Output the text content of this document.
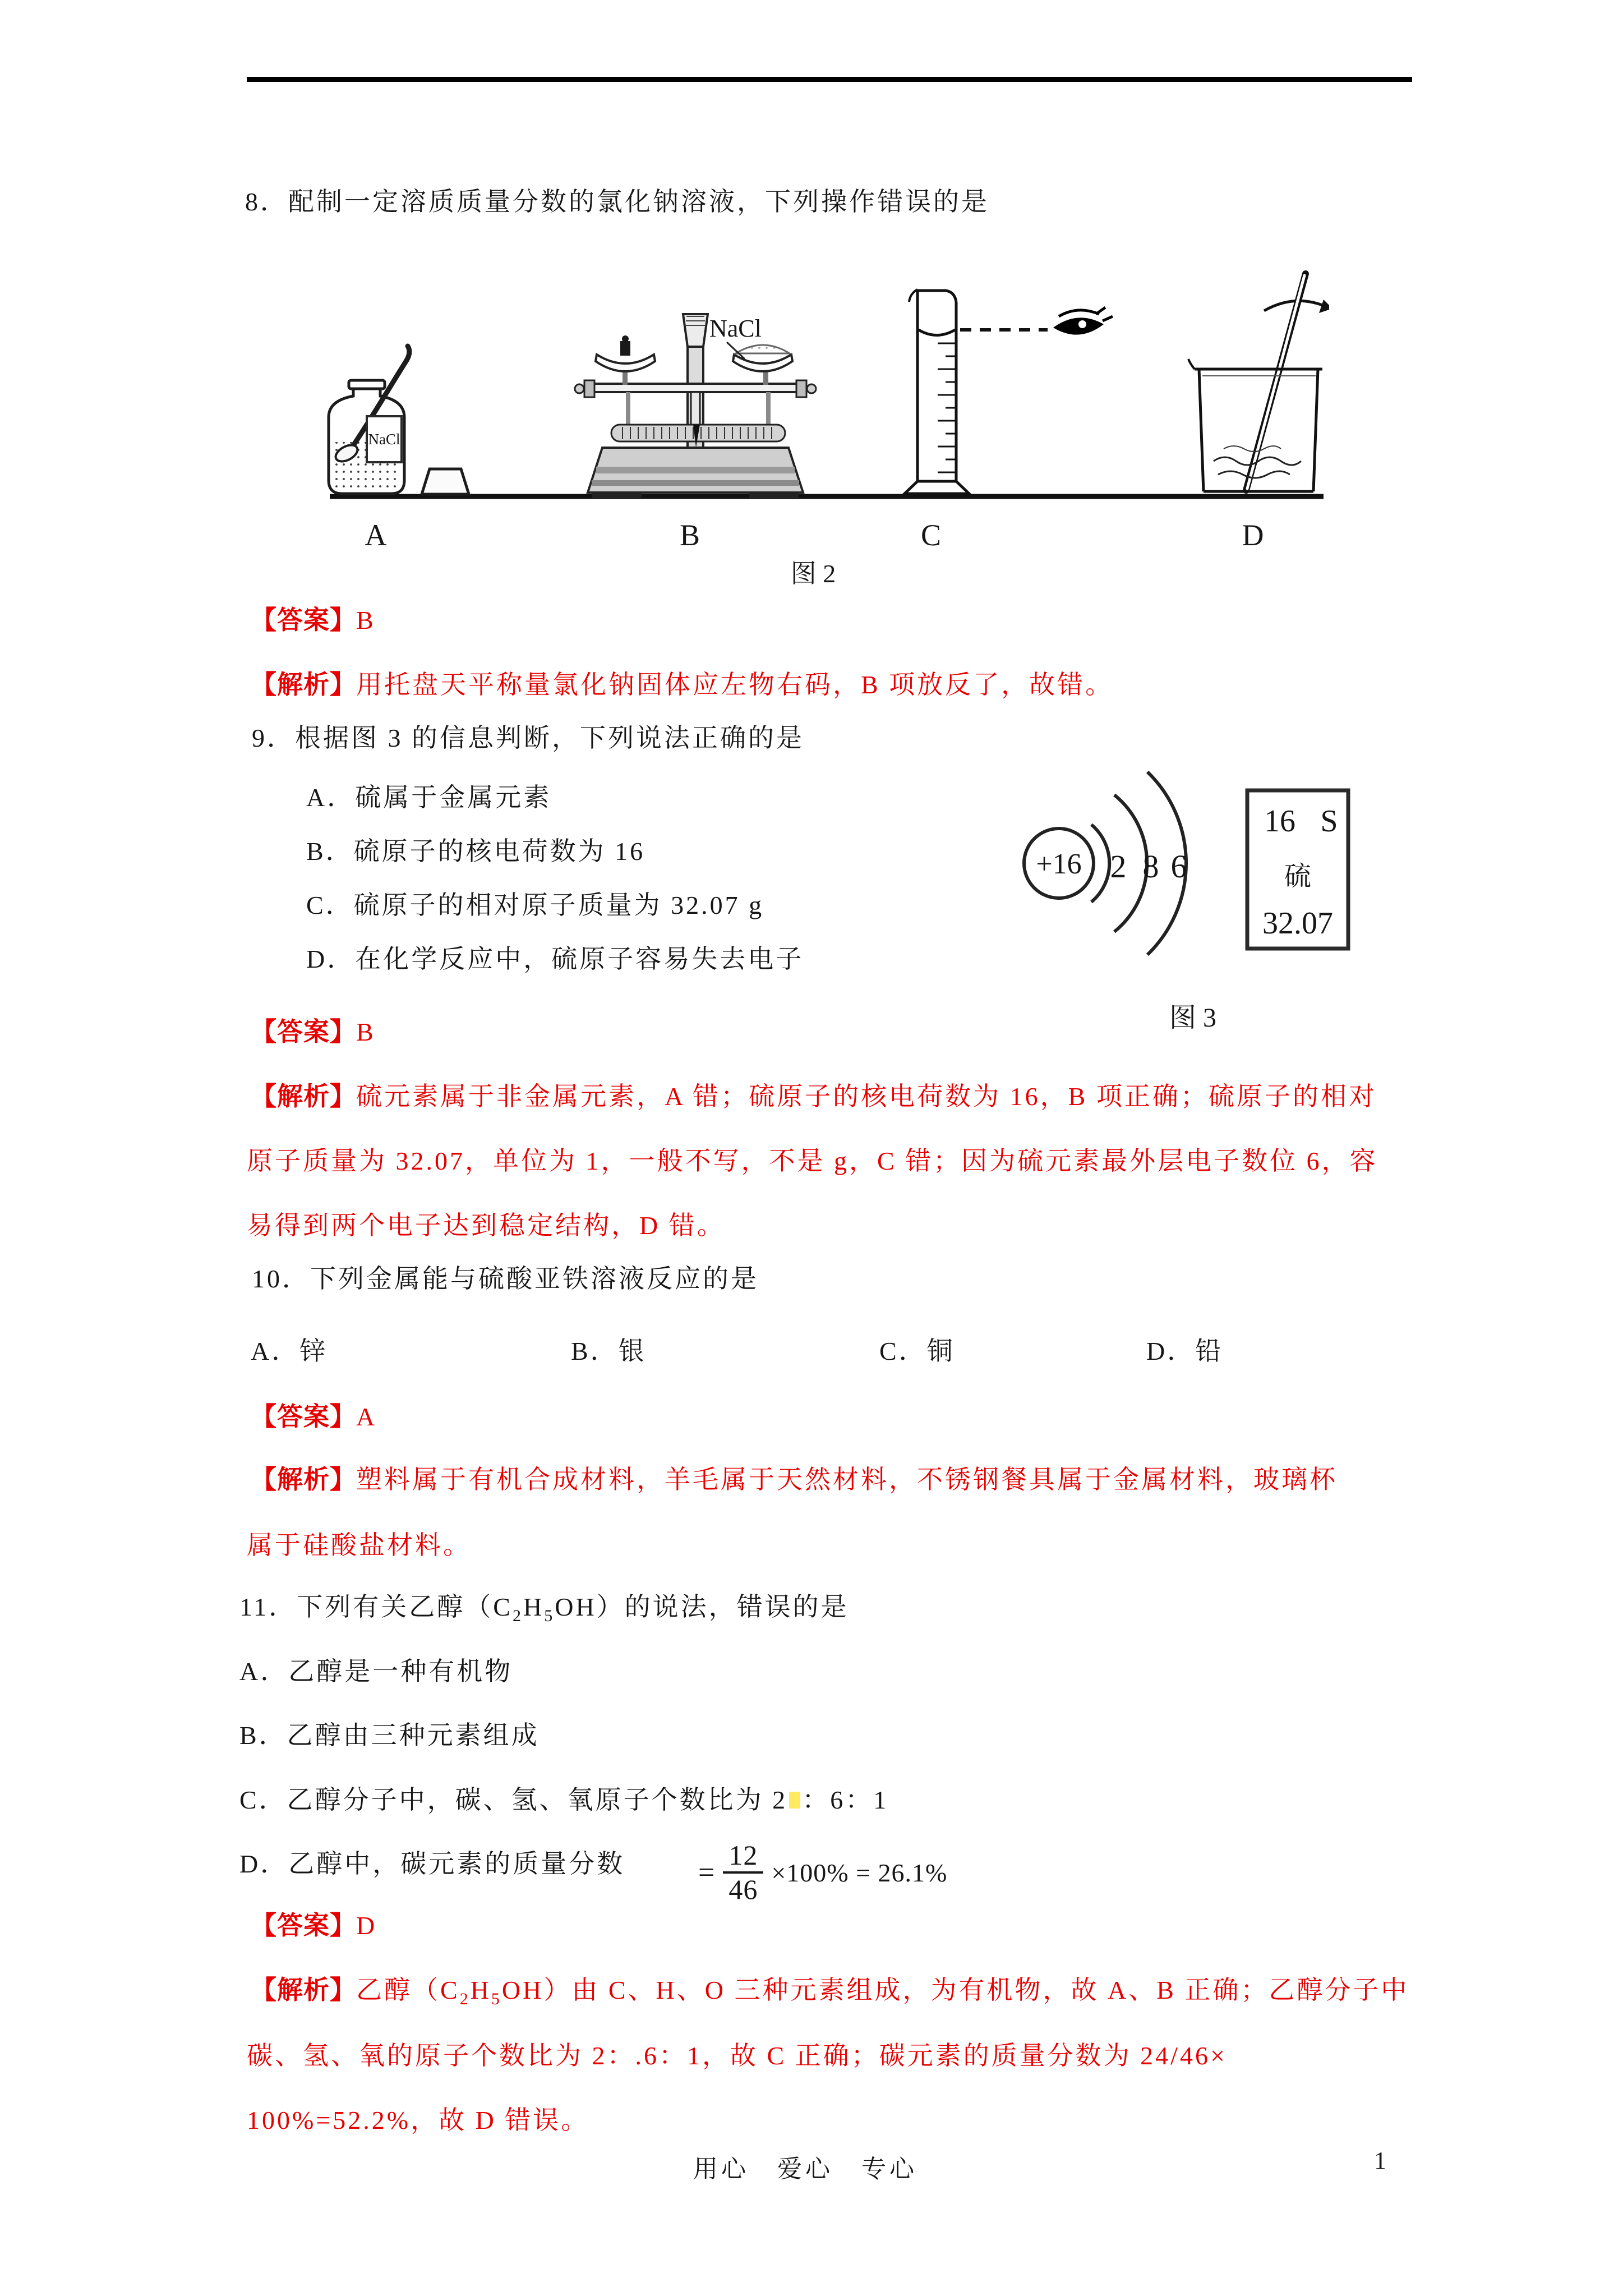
8．配制一定溶质质量分数的氯化钠溶液，下列操作错误的是
NaCl
NaCl
A	B	C	D
图 2
【答案】B
【解析】用托盘天平称量氯化钠固体应左物右码，B 项放反了，故错。
9．根据图 3 的信息判断，下列说法正确的是
A．硫属于金属元素
B．硫原子的核电荷数为 16
C．硫原子的相对原子质量为 32.07 g
D．在化学反应中，硫原子容易失去电子
+16 2 8 6
16 S
硫
32.07
图 3
【答案】B
【解析】硫元素属于非金属元素，A 错；硫原子的核电荷数为 16，B 项正确；硫原子的相对
原子质量为 32.07，单位为 1，一般不写，不是 g，C 错；因为硫元素最外层电子数位 6，容
易得到两个电子达到稳定结构，D 错。
10．下列金属能与硫酸亚铁溶液反应的是
A．锌	B．银	C．铜	D．铅
【答案】A
【解析】塑料属于有机合成材料，羊毛属于天然材料，不锈钢餐具属于金属材料，玻璃杯
属于硅酸盐材料。
11．下列有关乙醇$(C_2H_5OH)$的说法，错误的是
A．乙醇是一种有机物
B．乙醇由三种元素组成
C．乙醇分子中，碳、氢、氧原子个数比为 2 ：6：1
D．乙醇中，碳元素的质量分数	= $\frac{12}{46} \times 100\% = 26.1\%$
【答案】D
【解析】乙醇$(C_2H_5OH)$由 C、H、O 三种元素组成，为有机物，故 A、B 正确；乙醇分子中
碳、氢、氧的原子个数比为 2：.6：1，故 C 正确；碳元素的质量分数为 24/46×
100%=52.2%，故 D 错误。
用心　爱心　专心	1
